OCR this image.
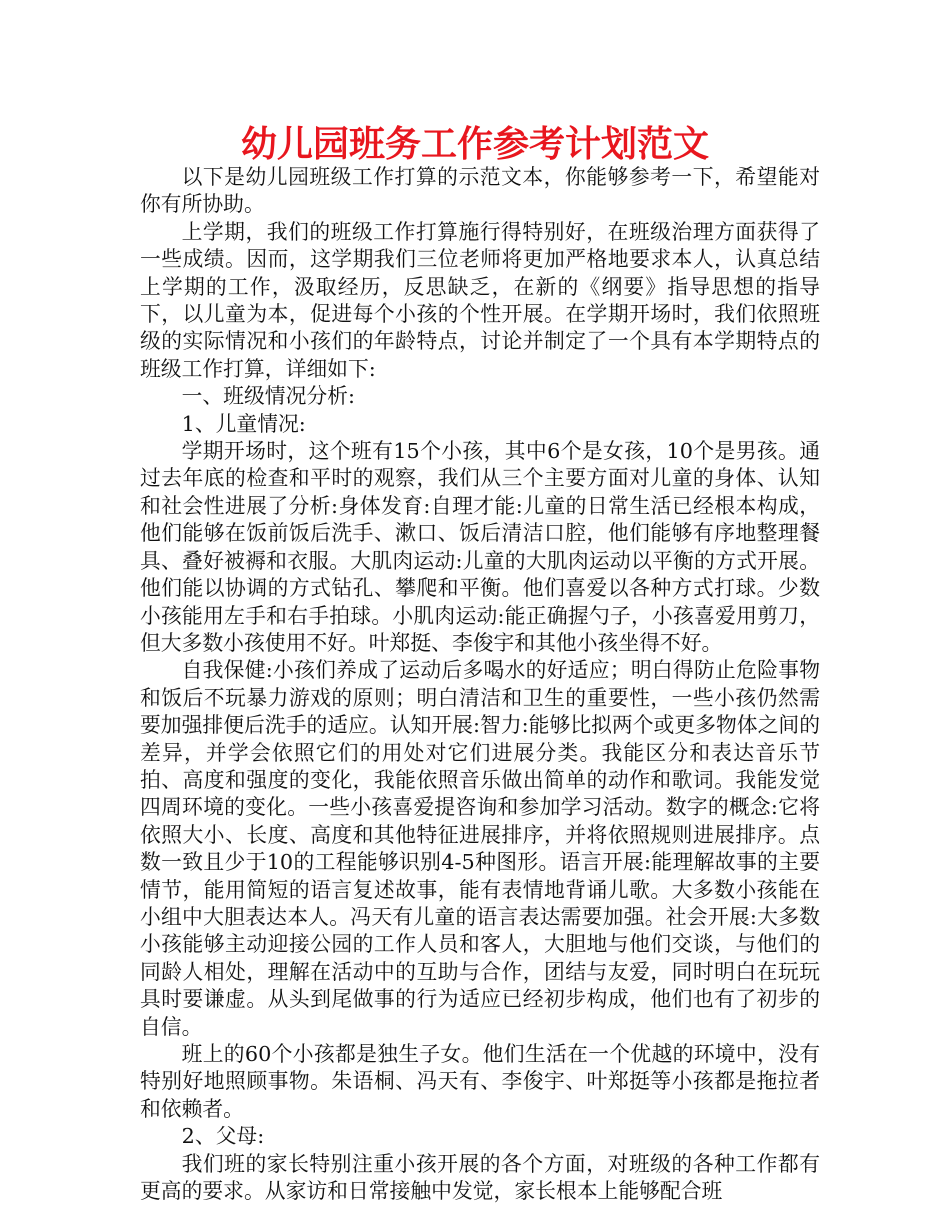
幼儿园班务工作参考计划范文

以下是幼儿园班级工作打算的示范文本，你能够参考一下，希望能对你有所协助。

上学期，我们的班级工作打算施行得特别好，在班级治理方面获得了一些成绩。因而，这学期我们三位老师将更加严格地要求本人，认真总结上学期的工作，汲取经历，反思缺乏，在新的《纲要》指导思想的指导下，以儿童为本，促进每个小孩的个性开展。在学期开场时，我们依照班级的实际情况和小孩们的年龄特点，讨论并制定了一个具有本学期特点的班级工作打算，详细如下:

一、班级情况分析:

1、儿童情况:

学期开场时，这个班有15个小孩，其中6个是女孩，10个是男孩。通过去年底的检查和平时的观察，我们从三个主要方面对儿童的身体、认知和社会性进展了分析:身体发育:自理才能:儿童的日常生活已经根本构成，他们能够在饭前饭后洗手、漱口、饭后清洁口腔，他们能够有序地整理餐具、叠好被褥和衣服。大肌肉运动:儿童的大肌肉运动以平衡的方式开展。他们能以协调的方式钻孔、攀爬和平衡。他们喜爱以各种方式打球。少数小孩能用左手和右手拍球。小肌肉运动:能正确握勺子，小孩喜爱用剪刀，但大多数小孩使用不好。叶郑挺、李俊宇和其他小孩坐得不好。

自我保健:小孩们养成了运动后多喝水的好适应；明白得防止危险事物和饭后不玩暴力游戏的原则；明白清洁和卫生的重要性，一些小孩仍然需要加强排便后洗手的适应。认知开展:智力:能够比拟两个或更多物体之间的差异，并学会依照它们的用处对它们进展分类。我能区分和表达音乐节拍、高度和强度的变化，我能依照音乐做出简单的动作和歌词。我能发觉四周环境的变化。一些小孩喜爱提咨询和参加学习活动。数字的概念:它将依照大小、长度、高度和其他特征进展排序，并将依照规则进展排序。点数一致且少于10的工程能够识别4-5种图形。语言开展:能理解故事的主要情节，能用简短的语言复述故事，能有表情地背诵儿歌。大多数小孩能在小组中大胆表达本人。冯天有儿童的语言表达需要加强。社会开展:大多数小孩能够主动迎接公园的工作人员和客人，大胆地与他们交谈，与他们的同龄人相处，理解在活动中的互助与合作，团结与友爱，同时明白在玩玩具时要谦虚。从头到尾做事的行为适应已经初步构成，他们也有了初步的自信。

班上的60个小孩都是独生子女。他们生活在一个优越的环境中，没有特别好地照顾事物。朱语桐、冯天有、李俊宇、叶郑挺等小孩都是拖拉者和依赖者。

2、父母:

我们班的家长特别注重小孩开展的各个方面，对班级的各种工作都有更高的要求。从家访和日常接触中发觉，家长根本上能够配合班
